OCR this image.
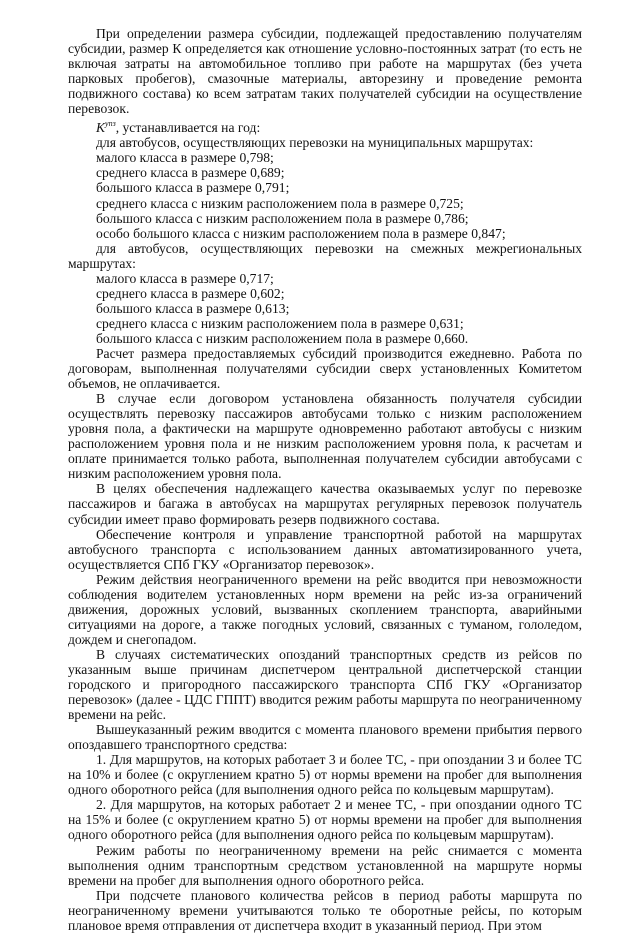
При определении размера субсидии, подлежащей предоставлению получателям субсидии, размер К определяется как отношение условно-постоянных затрат (то есть не включая затраты на автомобильное топливо при работе на маршрутах (без учета парковых пробегов), смазочные материалы, авторезину и проведение ремонта подвижного состава) ко всем затратам таких получателей субсидии на осуществление перевозок.

$К^{упз}$, устанавливается на год:

для автобусов, осуществляющих перевозки на муниципальных маршрутах:

малого класса в размере 0,798;

среднего класса в размере 0,689;

большого класса в размере 0,791;

среднего класса с низким расположением пола в размере 0,725;

большого класса с низким расположением пола в размере 0,786;

особо большого класса с низким расположением пола в размере 0,847;

для автобусов, осуществляющих перевозки на смежных межрегиональных маршрутах:

малого класса в размере 0,717;

среднего класса в размере 0,602;

большого класса в размере 0,613;

среднего класса с низким расположением пола в размере 0,631;

большого класса с низким расположением пола в размере 0,660.

Расчет размера предоставляемых субсидий производится ежедневно. Работа по договорам, выполненная получателями субсидии сверх установленных Комитетом объемов, не оплачивается.

В случае если договором установлена обязанность получателя субсидии осуществлять перевозку пассажиров автобусами только с низким расположением уровня пола, а фактически на маршруте одновременно работают автобусы с низким расположением уровня пола и не низким расположением уровня пола, к расчетам и оплате принимается только работа, выполненная получателем субсидии автобусами с низким расположением уровня пола.

В целях обеспечения надлежащего качества оказываемых услуг по перевозке пассажиров и багажа в автобусах на маршрутах регулярных перевозок получатель субсидии имеет право формировать резерв подвижного состава.

Обеспечение контроля и управление транспортной работой на маршрутах автобусного транспорта с использованием данных автоматизированного учета, осуществляется СПб ГКУ «Организатор перевозок».

Режим действия неограниченного времени на рейс вводится при невозможности соблюдения водителем установленных норм времени на рейс из-за ограничений движения, дорожных условий, вызванных скоплением транспорта, аварийными ситуациями на дороге, а также погодных условий, связанных с туманом, гололедом, дождем и снегопадом.

В случаях систематических опозданий транспортных средств из рейсов по указанным выше причинам диспетчером центральной диспетчерской станции городского и пригородного пассажирского транспорта СПб ГКУ «Организатор перевозок» (далее - ЦДС ГППТ) вводится режим работы маршрута по неограниченному времени на рейс.

Вышеуказанный режим вводится с момента планового времени прибытия первого опоздавшего транспортного средства:

1. Для маршрутов, на которых работает 3 и более ТС, - при опоздании 3 и более ТС на 10% и более (с округлением кратно 5) от нормы времени на пробег для выполнения одного оборотного рейса (для выполнения одного рейса по кольцевым маршрутам).

2. Для маршрутов, на которых работает 2 и менее ТС, - при опоздании одного ТС на 15% и более (с округлением кратно 5) от нормы времени на пробег для выполнения одного оборотного рейса (для выполнения одного рейса по кольцевым маршрутам).

Режим работы по неограниченному времени на рейс снимается с момента выполнения одним транспортным средством установленной на маршруте нормы времени на пробег для выполнения одного оборотного рейса.

При подсчете планового количества рейсов в период работы маршрута по неограниченному времени учитываются только те оборотные рейсы, по которым плановое время отправления от диспетчера входит в указанный период. При этом
